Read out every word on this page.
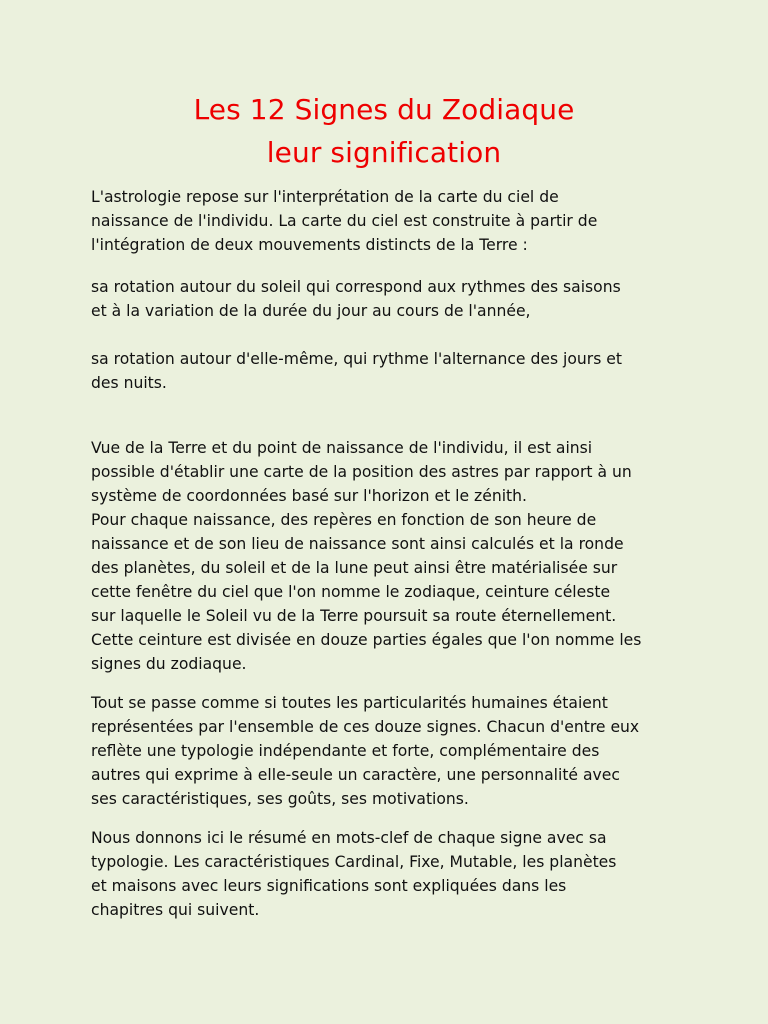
Les 12 Signes du Zodiaque
leur signification

L'astrologie repose sur l'interprétation de la carte du ciel de
naissance de l'individu. La carte du ciel est construite à partir de
l'intégration de deux mouvements distincts de la Terre :

sa rotation autour du soleil qui correspond aux rythmes des saisons
et à la variation de la durée du jour au cours de l'année,

sa rotation autour d'elle-même, qui rythme l'alternance des jours et
des nuits.

Vue de la Terre et du point de naissance de l'individu, il est ainsi
possible d'établir une carte de la position des astres par rapport à un
système de coordonnées basé sur l'horizon et le zénith.
Pour chaque naissance, des repères en fonction de son heure de
naissance et de son lieu de naissance sont ainsi calculés et la ronde
des planètes, du soleil et de la lune peut ainsi être matérialisée sur
cette fenêtre du ciel que l'on nomme le zodiaque, ceinture céleste
sur laquelle le Soleil vu de la Terre poursuit sa route éternellement.
Cette ceinture est divisée en douze parties égales que l'on nomme les
signes du zodiaque.

Tout se passe comme si toutes les particularités humaines étaient
représentées par l'ensemble de ces douze signes. Chacun d'entre eux
reflète une typologie indépendante et forte, complémentaire des
autres qui exprime à elle-seule un caractère, une personnalité avec
ses caractéristiques, ses goûts, ses motivations.

Nous donnons ici le résumé en mots-clef de chaque signe avec sa
typologie. Les caractéristiques Cardinal, Fixe, Mutable, les planètes
et maisons avec leurs significations sont expliquées dans les
chapitres qui suivent.
